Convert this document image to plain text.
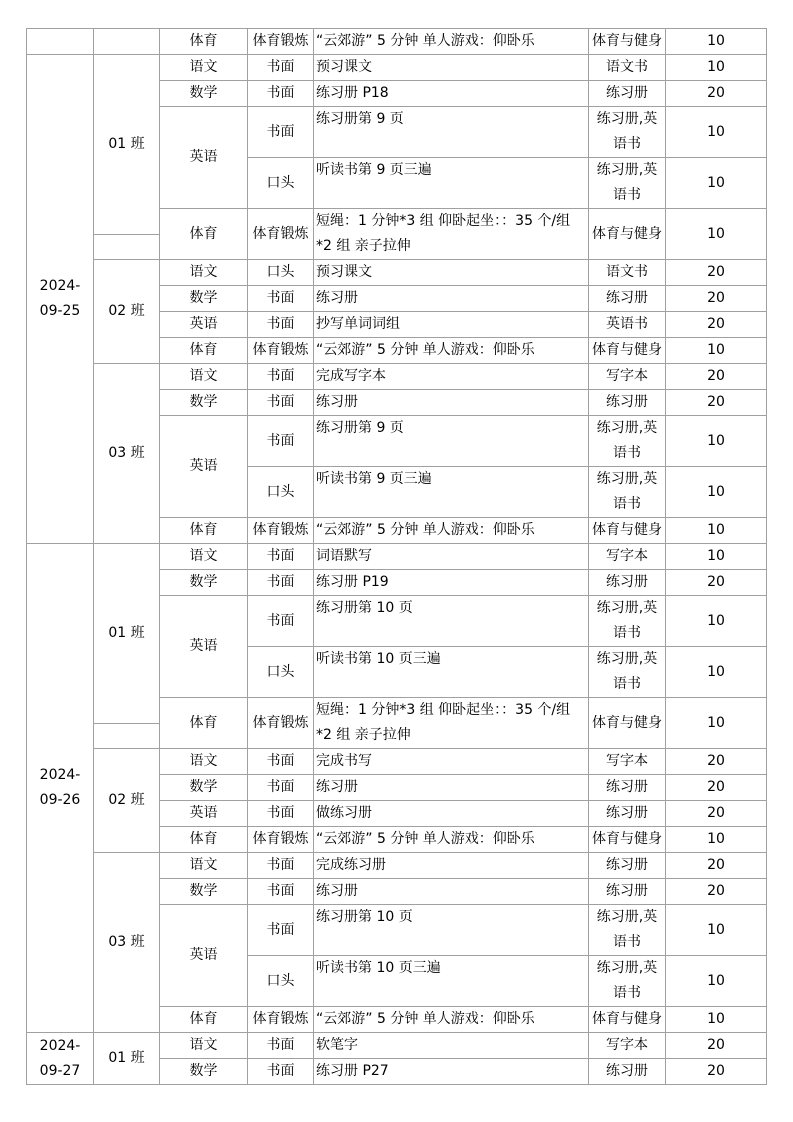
		体育	体育锻炼	“云郊游” 5 分钟 单人游戏：仰卧乐	体育与健身	10
2024-09-25	01 班	语文	书面	预习课文	语文书	10
		数学	书面	练习册 P18	练习册	20
		英语	书面	练习册第 9 页	练习册,英语书	10

			口头	听读书第 9 页三遍	练习册,英语书	10

		体育	体育锻炼	短绳：1 分钟*3 组 仰卧起坐：：35 个/组*2 组 亲子拉伸	体育与健身	10

	02 班	语文	口头	预习课文	语文书	20
		数学	书面	练习册	练习册	20
		英语	书面	抄写单词词组	英语书	20
		体育	体育锻炼	“云郊游” 5 分钟 单人游戏：仰卧乐	体育与健身	10
	03 班	语文	书面	完成写字本	写字本	20
		数学	书面	练习册	练习册	20
		英语	书面	练习册第 9 页	练习册,英语书	10

			口头	听读书第 9 页三遍	练习册,英语书	10

		体育	体育锻炼	“云郊游” 5 分钟 单人游戏：仰卧乐	体育与健身	10
2024-09-26	01 班	语文	书面	词语默写	写字本	10
		数学	书面	练习册 P19	练习册	20
		英语	书面	练习册第 10 页	练习册,英语书	10

			口头	听读书第 10 页三遍	练习册,英语书	10

		体育	体育锻炼	短绳：1 分钟*3 组 仰卧起坐：：35 个/组*2 组 亲子拉伸	体育与健身	10

	02 班	语文	书面	完成书写	写字本	20
		数学	书面	练习册	练习册	20
		英语	书面	做练习册	练习册	20
		体育	体育锻炼	“云郊游” 5 分钟 单人游戏：仰卧乐	体育与健身	10
	03 班	语文	书面	完成练习册	练习册	20
		数学	书面	练习册	练习册	20
		英语	书面	练习册第 10 页	练习册,英语书	10

			口头	听读书第 10 页三遍	练习册,英语书	10

		体育	体育锻炼	“云郊游” 5 分钟 单人游戏：仰卧乐	体育与健身	10
2024-09-27	01 班	语文	书面	软笔字	写字本	20
		数学	书面	练习册 P27	练习册	20
